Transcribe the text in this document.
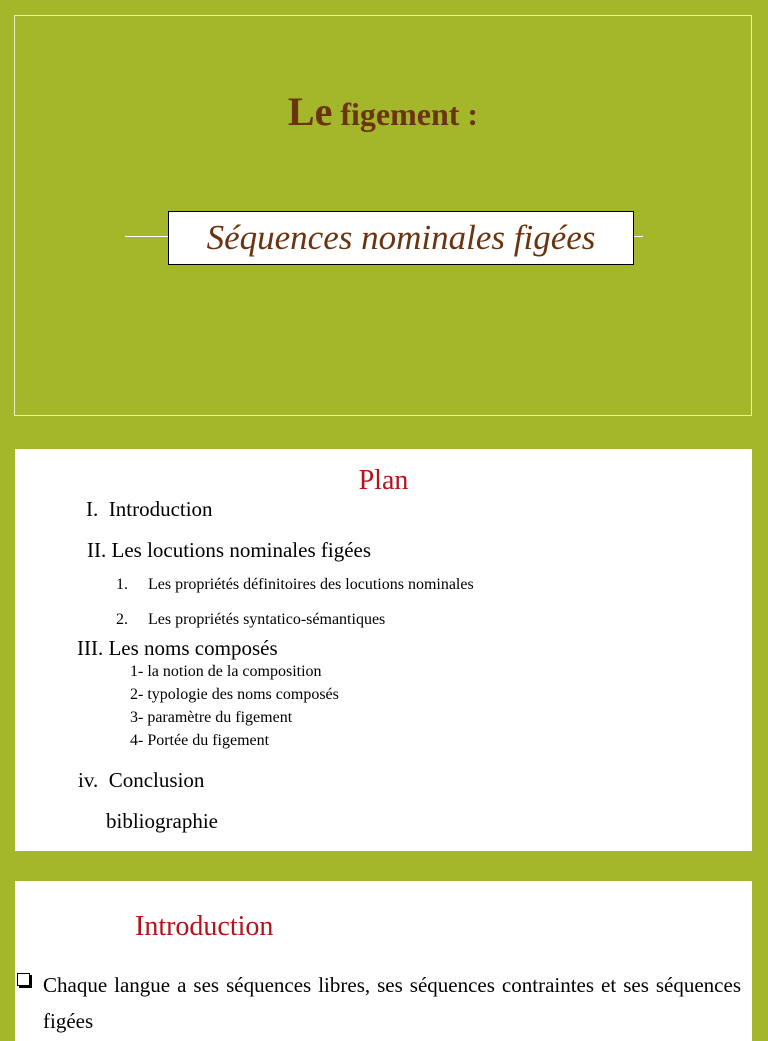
Le figement :
Séquences nominales figées
Plan
I. Introduction
II. Les locutions nominales figées
1. Les propriétés définitoires des locutions nominales
2. Les propriétés syntatico-sémantiques
III. Les noms composés
1- la notion de la composition
2- typologie des noms composés
3- paramètre du figement
4- Portée du figement
iv. Conclusion
bibliographie
Introduction
Chaque langue a ses séquences libres, ses séquences contraintes et ses séquences figées
